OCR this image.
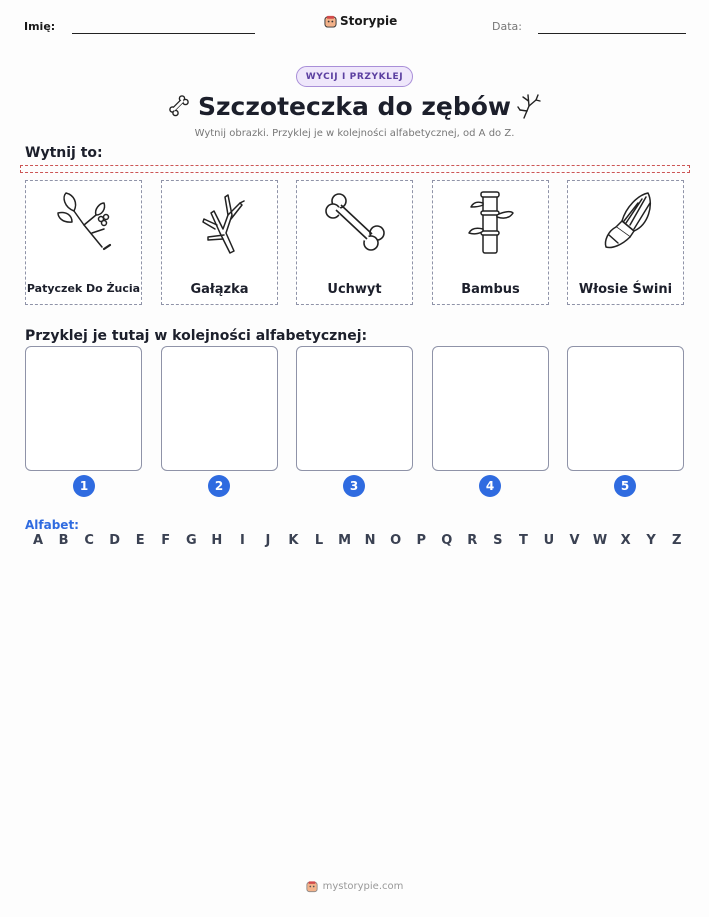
Imię:	Storypie	Data:
WYCIJ I PRZYKLEJ
Szczoteczka do zębów
Wytnij obrazki. Przyklej je w kolejności alfabetycznej, od A do Z.
Wytnij to:
Patyczek Do Żucia	Gałązka	Uchwyt	Bambus	Włosie Świni
Przyklej je tutaj w kolejności alfabetycznej:
1	2	3	4	5
Alfabet:
A B C D E F G H	I	J	K L M N O P Q R S T U V W X Y Z
mystorypie.com
